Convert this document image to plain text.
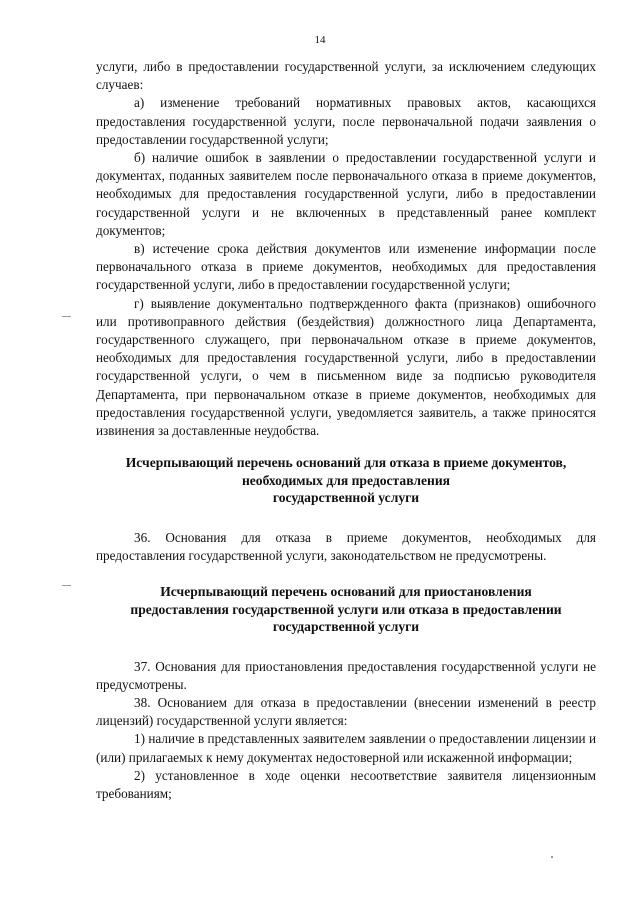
14

услуги, либо в предоставлении государственной услуги, за исключением следующих случаев:

а) изменение требований нормативных правовых актов, касающихся предоставления государственной услуги, после первоначальной подачи заявления о предоставлении государственной услуги;

б) наличие ошибок в заявлении о предоставлении государственной услуги и документах, поданных заявителем после первоначального отказа в приеме документов, необходимых для предоставления государственной услуги, либо в предоставлении государственной услуги и не включенных в представленный ранее комплект документов;

в) истечение срока действия документов или изменение информации после первоначального отказа в приеме документов, необходимых для предоставления государственной услуги, либо в предоставлении государственной услуги;

г) выявление документально подтвержденного факта (признаков) ошибочного или противоправного действия (бездействия) должностного лица Департамента, государственного служащего, при первоначальном отказе в приеме документов, необходимых для предоставления государственной услуги, либо в предоставлении государственной услуги, о чем в письменном виде за подписью руководителя Департамента, при первоначальном отказе в приеме документов, необходимых для предоставления государственной услуги, уведомляется заявитель, а также приносятся извинения за доставленные неудобства.

Исчерпывающий перечень оснований для отказа в приеме документов,
необходимых для предоставления
государственной услуги

36. Основания для отказа в приеме документов, необходимых для предоставления государственной услуги, законодательством не предусмотрены.

Исчерпывающий перечень оснований для приостановления
предоставления государственной услуги или отказа в предоставлении
государственной услуги

37. Основания для приостановления предоставления государственной услуги не предусмотрены.

38. Основанием для отказа в предоставлении (внесении изменений в реестр лицензий) государственной услуги является:

1) наличие в представленных заявителем заявлении о предоставлении лицензии и (или) прилагаемых к нему документах недостоверной или искаженной информации;

2) установленное в ходе оценки несоответствие заявителя лицензионным требованиям;
